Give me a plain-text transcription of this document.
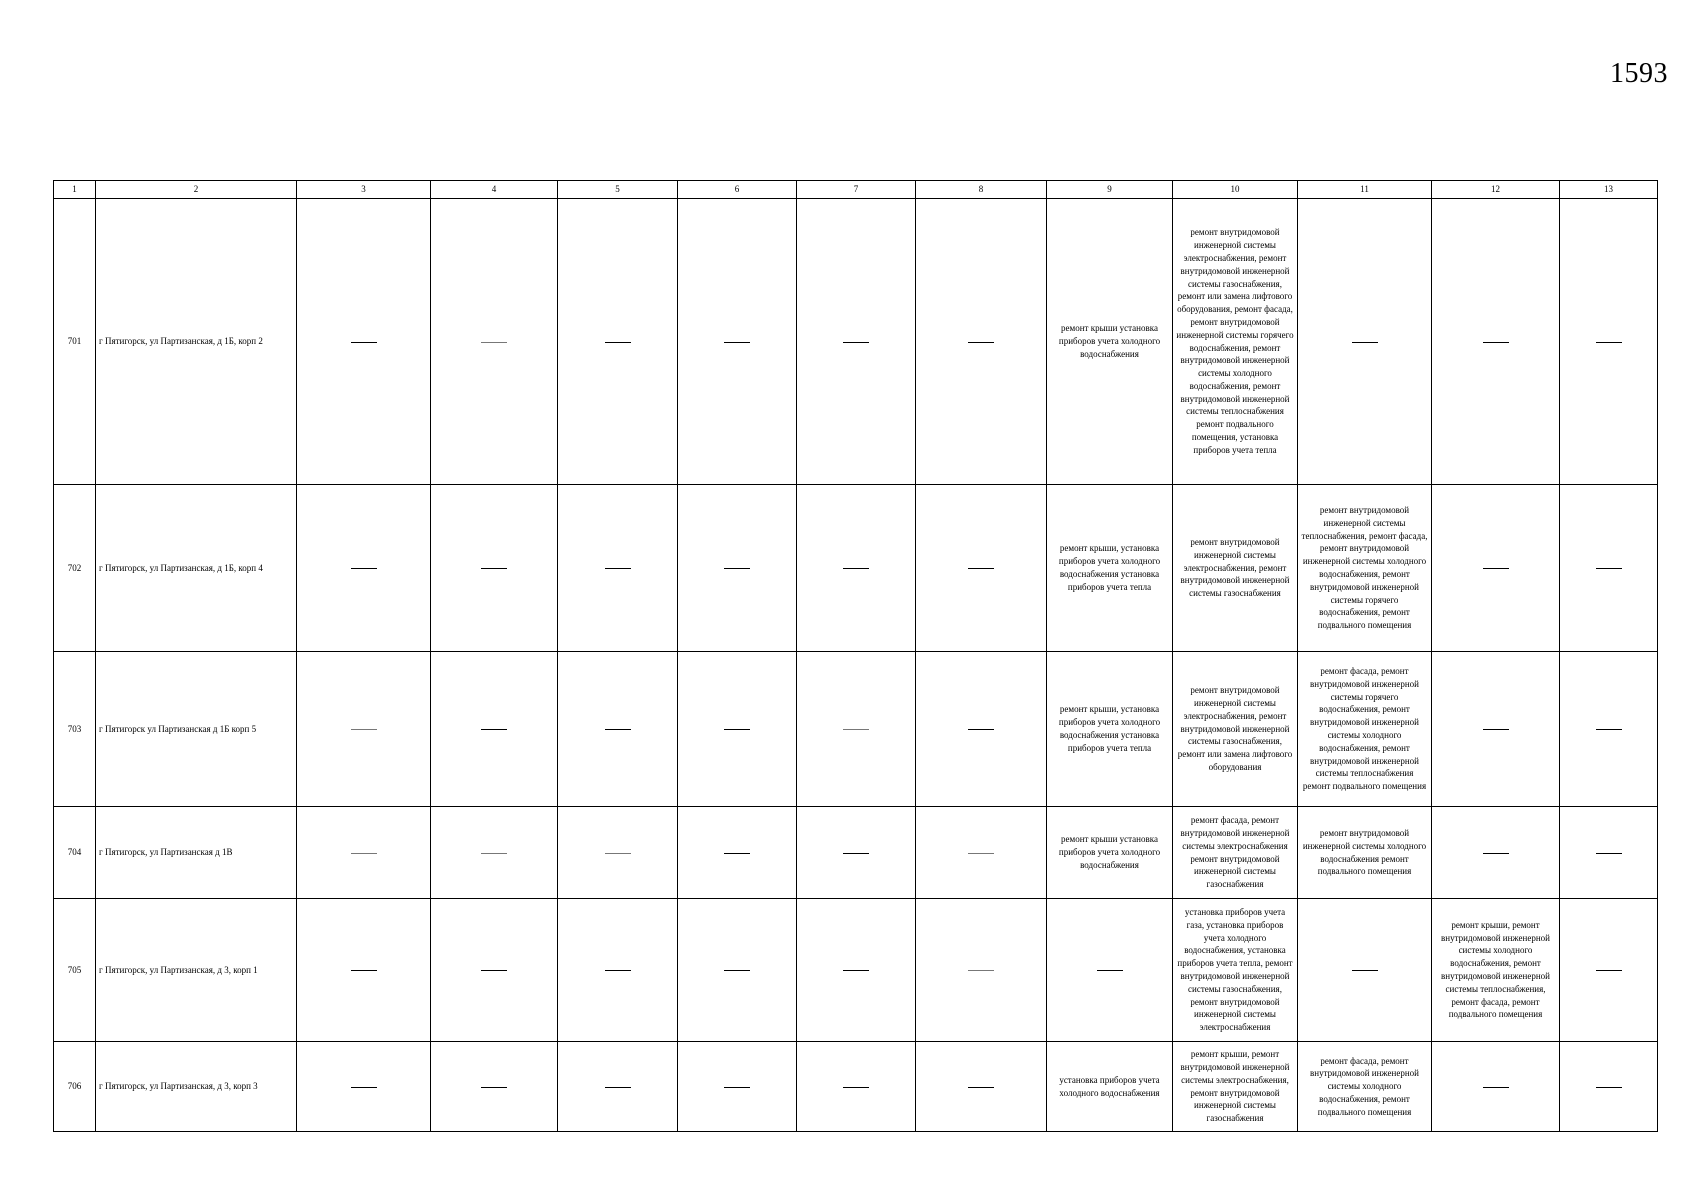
1593
1	2	3	4	5	6	7	8	9	10	11	12	13
701	г Пятигорск, ул Партизанская, д 1Б, корп 2							ремонт крыши установка приборов учета холодного водоснабжения	ремонт внутридомовой инженерной системы электроснабжения, ремонт внутридомовой инженерной системы газоснабжения, ремонт или замена лифтового оборудования, ремонт фасада, ремонт внутридомовой инженерной системы горячего водоснабжения, ремонт внутридомовой инженерной системы холодного водоснабжения, ремонт внутридомовой инженерной системы теплоснабжения ремонт подвального помещения, установка приборов учета тепла			
702	г Пятигорск, ул Партизанская, д 1Б, корп 4							ремонт крыши, установка приборов учета холодного водоснабжения установка приборов учета тепла	ремонт внутридомовой инженерной системы электроснабжения, ремонт внутридомовой инженерной системы газоснабжения	ремонт внутридомовой инженерной системы теплоснабжения, ремонт фасада, ремонт внутридомовой инженерной системы холодного водоснабжения, ремонт внутридомовой инженерной системы горячего водоснабжения, ремонт подвального помещения		
703	г Пятигорск ул Партизанская д 1Б корп 5							ремонт крыши, установка приборов учета холодного водоснабжения установка приборов учета тепла	ремонт внутридомовой инженерной системы электроснабжения, ремонт внутридомовой инженерной системы газоснабжения, ремонт или замена лифтового оборудования	ремонт фасада, ремонт внутридомовой инженерной системы горячего водоснабжения, ремонт внутридомовой инженерной системы холодного водоснабжения, ремонт внутридомовой инженерной системы теплоснабжения ремонт подвального помещения		
704	г Пятигорск, ул Партизанская д 1В							ремонт крыши установка приборов учета холодного водоснабжения	ремонт фасада, ремонт внутридомовой инженерной системы электроснабжения ремонт внутридомовой инженерной системы газоснабжения	ремонт внутридомовой инженерной системы холодного водоснабжения ремонт подвального помещения		
705	г Пятигорск, ул Партизанская, д 3, корп 1								установка приборов учета газа, установка приборов учета холодного водоснабжения, установка приборов учета тепла, ремонт внутридомовой инженерной системы газоснабжения, ремонт внутридомовой инженерной системы электроснабжения		ремонт крыши, ремонт внутридомовой инженерной системы холодного водоснабжения, ремонт внутридомовой инженерной системы теплоснабжения, ремонт фасада, ремонт подвального помещения	
706	г Пятигорск, ул Партизанская, д 3, корп 3							установка приборов учета холодного водоснабжения	ремонт крыши, ремонт внутридомовой инженерной системы электроснабжения, ремонт внутридомовой инженерной системы газоснабжения	ремонт фасада, ремонт внутридомовой инженерной системы холодного водоснабжения, ремонт подвального помещения		
